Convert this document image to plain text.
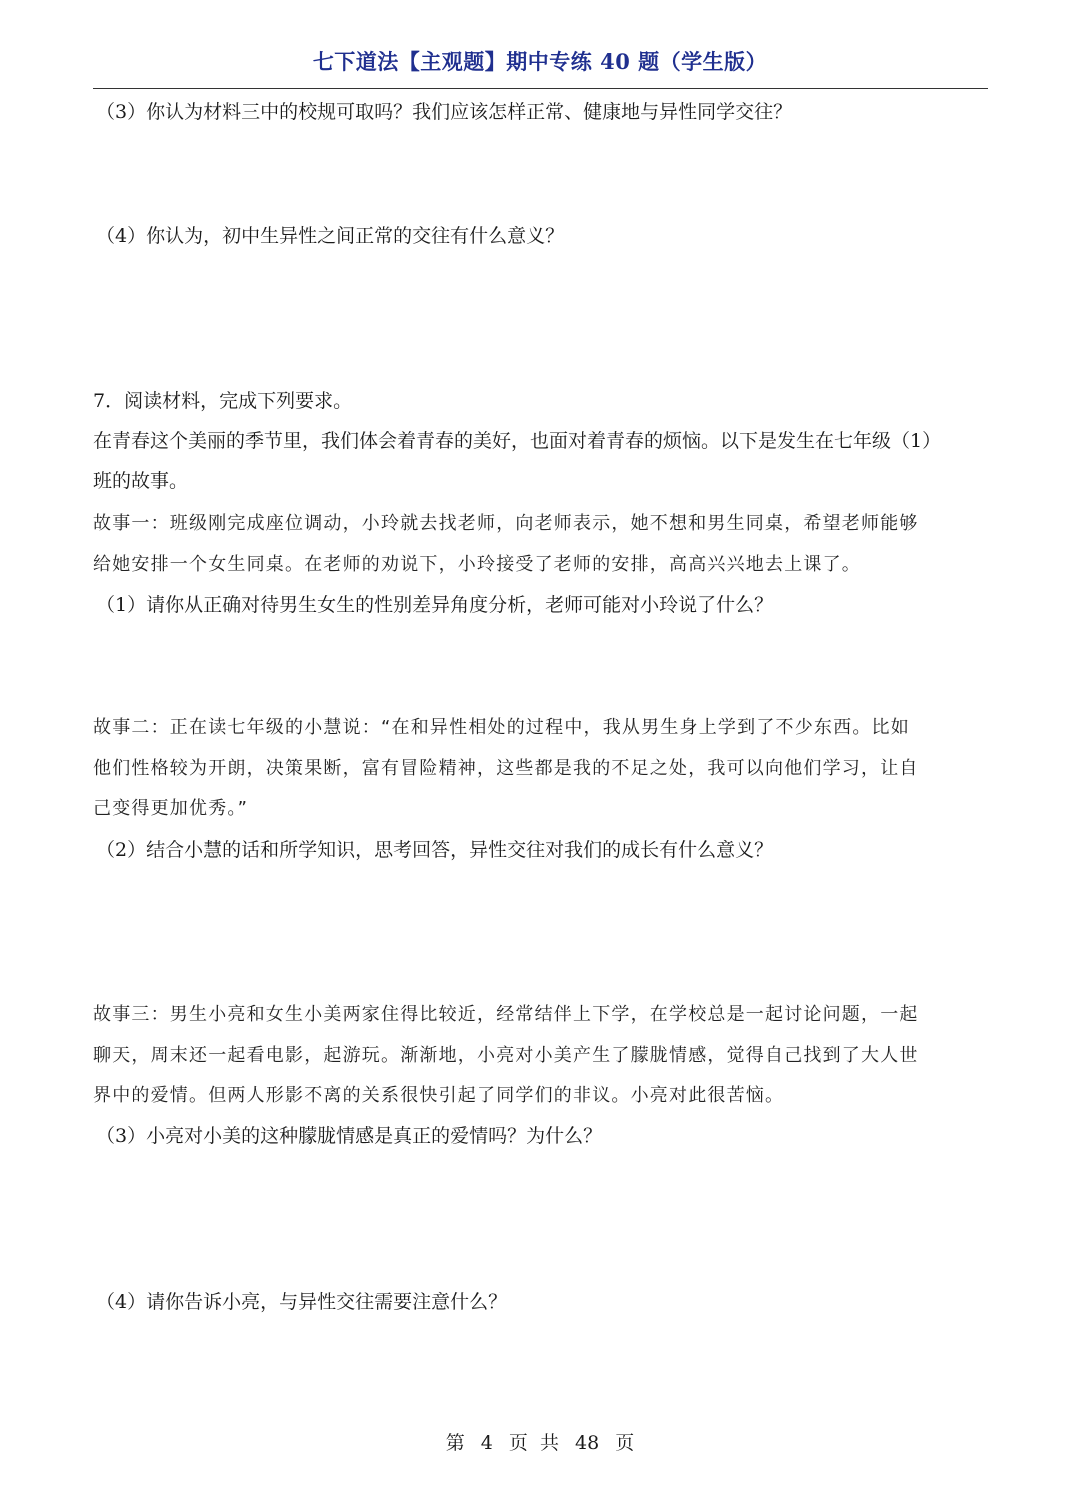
七下道法【主观题】期中专练 40 题（学生版）
（3）你认为材料三中的校规可取吗？我们应该怎样正常、健康地与异性同学交往？
（4）你认为，初中生异性之间正常的交往有什么意义？
7．阅读材料，完成下列要求。
在青春这个美丽的季节里，我们体会着青春的美好，也面对着青春的烦恼。以下是发生在七年级（1）
班的故事。
故事一：班级刚完成座位调动，小玲就去找老师，向老师表示，她不想和男生同桌，希望老师能够
给她安排一个女生同桌。在老师的劝说下，小玲接受了老师的安排，高高兴兴地去上课了。
（1）请你从正确对待男生女生的性别差异角度分析，老师可能对小玲说了什么？
故事二：正在读七年级的小慧说：“在和异性相处的过程中，我从男生身上学到了不少东西。比如
他们性格较为开朗，决策果断，富有冒险精神，这些都是我的不足之处，我可以向他们学习，让自
己变得更加优秀。”
（2）结合小慧的话和所学知识，思考回答，异性交往对我们的成长有什么意义？
故事三：男生小亮和女生小美两家住得比较近，经常结伴上下学，在学校总是一起讨论问题，一起
聊天，周末还一起看电影，起游玩。渐渐地，小亮对小美产生了朦胧情感，觉得自己找到了大人世
界中的爱情。但两人形影不离的关系很快引起了同学们的非议。小亮对此很苦恼。
（3）小亮对小美的这种朦胧情感是真正的爱情吗？为什么？
（4）请你告诉小亮，与异性交往需要注意什么？
第 4 页 共 48 页
